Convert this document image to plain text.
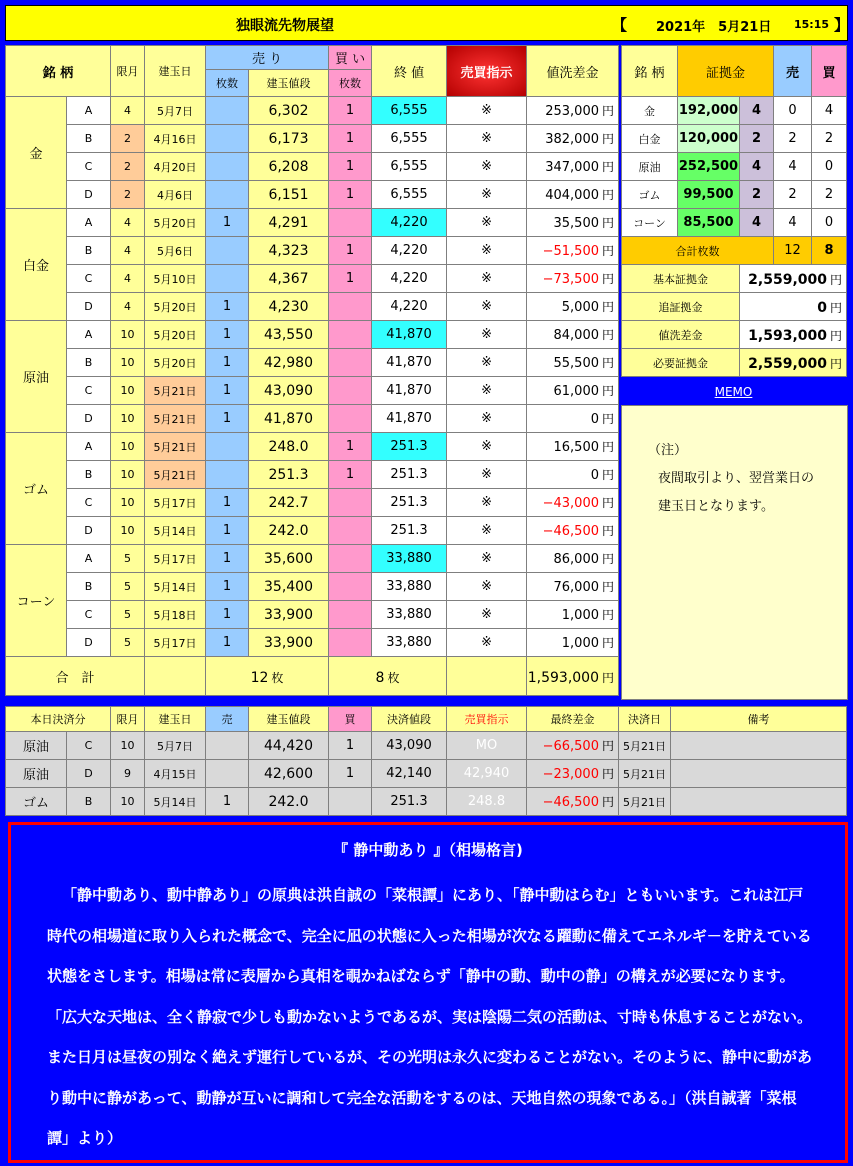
独眼流先物展望	【 2021年　5月21日 15:15 】
銘 柄		限月	建玉日	売 り		買 い	終 値	売買指示	値洗差金
				枚数	建玉値段	枚数			
金	A	4	5月7日		6,302	1	6,555	※	253,000 円
	B	2	4月16日		6,173	1	6,555	※	382,000 円
	C	2	4月20日		6,208	1	6,555	※	347,000 円
	D	2	4月6日		6,151	1	6,555	※	404,000 円
白金	A	4	5月20日	1	4,291		4,220	※	35,500 円
	B	4	5月6日		4,323	1	4,220	※	−51,500 円
	C	4	5月10日		4,367	1	4,220	※	−73,500 円
	D	4	5月20日	1	4,230		4,220	※	5,000 円
原油	A	10	5月20日	1	43,550		41,870	※	84,000 円
	B	10	5月20日	1	42,980		41,870	※	55,500 円
	C	10	5月21日	1	43,090		41,870	※	61,000 円
	D	10	5月21日	1	41,870		41,870	※	0 円
ゴム	A	10	5月21日		248.0	1	251.3	※	16,500 円
	B	10	5月21日		251.3	1	251.3	※	0 円
	C	10	5月17日	1	242.7		251.3	※	−43,000 円
	D	10	5月14日	1	242.0		251.3	※	−46,500 円
コーン	A	5	5月17日	1	35,600		33,880	※	86,000 円
	B	5	5月14日	1	35,400		33,880	※	76,000 円
	C	5	5月18日	1	33,900		33,880	※	1,000 円
	D	5	5月17日	1	33,900		33,880	※	1,000 円
合　計				12 枚		8 枚			1,593,000 円
銘 柄	証拠金		売	買
金	192,000	4	0	4
白金	120,000	2	2	2
原油	252,500	4	4	0
ゴム	99,500	2	2	2
コーン	85,500	4	4	0
合計枚数			12	8
基本証拠金		2,559,000 円		
追証拠金		0 円		
値洗差金		1,593,000 円		
必要証拠金		2,559,000 円		
MEMO
（注）
夜間取引より、翌営業日の
建玉日となります。
本日決済分		限月	建玉日	売	建玉値段	買	決済値段	売買指示	最終差金	決済日	備考
原油	C	10	5月7日		44,420	1	43,090	MO	−66,500 円	5月21日	
原油	D	9	4月15日		42,600	1	42,140	42,940	−23,000 円	5月21日	
ゴム	B	10	5月14日	1	242.0		251.3	248.8	−46,500 円	5月21日	
『 静中動あり 』（相場格言)
「静中動あり、動中静あり」の原典は洪自誠の「菜根譚」にあり、「静中動はらむ」ともいいます。これは江戸時代の相場道に取り入られた概念で、完全に凪の状態に入った相場が次なる躍動に備えてエネルギ－を貯えている状態をさします。相場は常に表層から真相を覗かねばならず「静中の動、動中の静」の構えが必要になります。「広大な天地は、全く静寂で少しも動かないようであるが、実は陰陽二気の活動は、寸時も休息することがない。また日月は昼夜の別なく絶えず運行しているが、その光明は永久に変わることがない。そのように、静中に動があり動中に静があって、動静が互いに調和して完全な活動をするのは、天地自然の現象である。」（洪自誠著「菜根譚」より）
